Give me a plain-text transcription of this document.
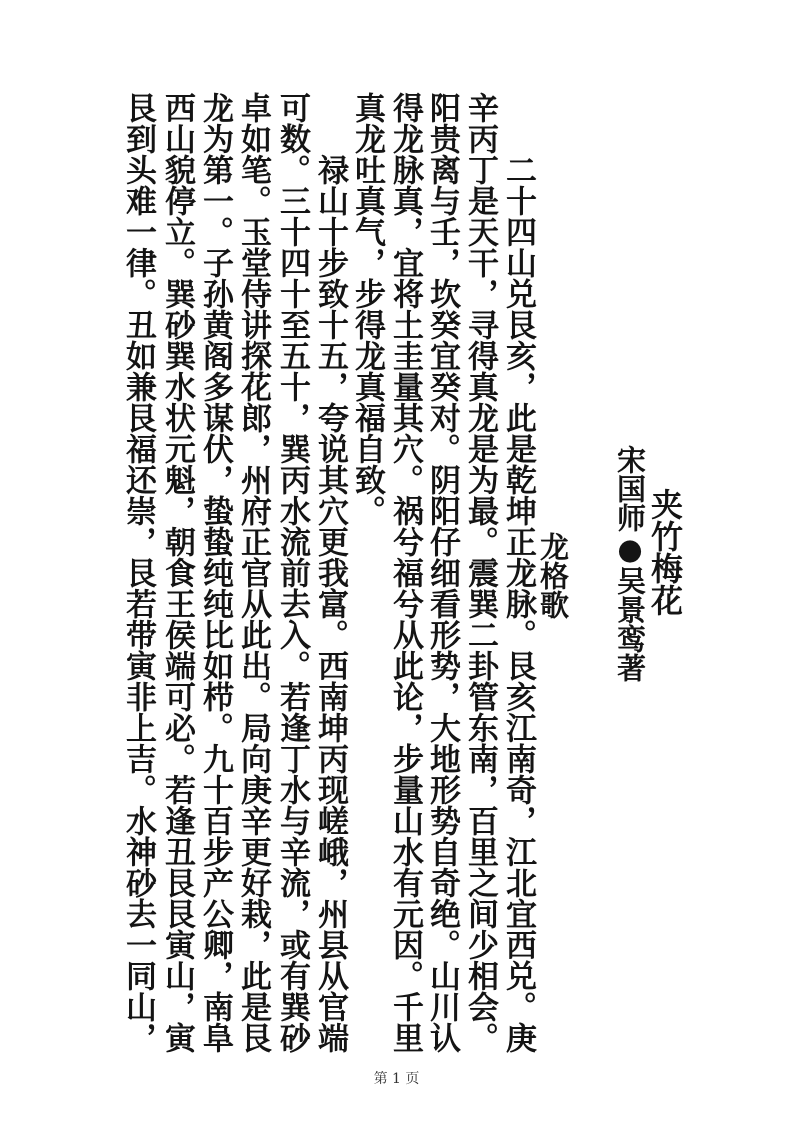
夹竹梅花
宋国师●吴景鸾著
龙格歌
二十四山兑艮亥，此是乾坤正龙脉。艮亥江南奇，江北宜西兑。庚
辛丙丁是天干，寻得真龙是为最。震巽二卦管东南，百里之间少相会。
阳贵离与壬，坎癸宜癸对。阴阳仔细看形势，大地形势自奇绝。山川认
得龙脉真，宜将土圭量其穴。祸兮福兮从此论，步量山水有元因。千里
真龙吐真气，步得龙真福自致。
禄山十步致十五，夸说其穴更我富。西南坤丙现嵯峨，州县从官端
可数。三十四十至五十，巽丙水流前去入。若逢丁水与辛流，或有巽砂
卓如笔。玉堂侍讲探花郎，州府正官从此出。局向庚辛更好栽，此是艮
龙为第一。子孙黄阁多谋伏，蛰蛰纯纯比如栉。九十百步产公卿，南阜
西山貌停立。巽砂巽水状元魁，朝食王侯端可必。若逢丑艮艮寅山，寅
艮到头难一律。丑如兼艮福还崇，艮若带寅非上吉。水神砂去一同山，
第 1 页
